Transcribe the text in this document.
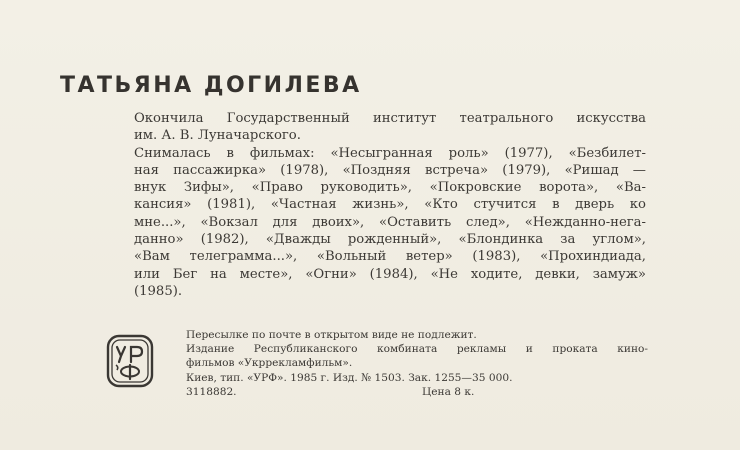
ТАТЬЯНА ДОГИЛЕВА
Окончила Государственный институт театрального искусства
им. А. В. Луначарского.
Снималась в фильмах: «Несыгранная роль» (1977), «Безбилет-
ная пассажирка» (1978), «Поздняя встреча» (1979), «Ришад —
внук Зифы», «Право руководить», «Покровские ворота», «Ва-
кансия» (1981), «Частная жизнь», «Кто стучится в дверь ко
мне...», «Вокзал для двоих», «Оставить след», «Нежданно-нега-
данно» (1982), «Дважды рожденный», «Блондинка за углом»,
«Вам телеграмма...», «Вольный ветер» (1983), «Прохиндиада,
или Бег на месте», «Огни» (1984), «Не ходите, девки, замуж»
(1985).
Пересылке по почте в открытом виде не подлежит.
Издание Республиканского комбината рекламы и проката кино-
фильмов «Укррекламфильм».
Киев, тип. «УРФ». 1985 г. Изд. № 1503. Зак. 1255—35 000.
3118882.	Цена 8 к.
